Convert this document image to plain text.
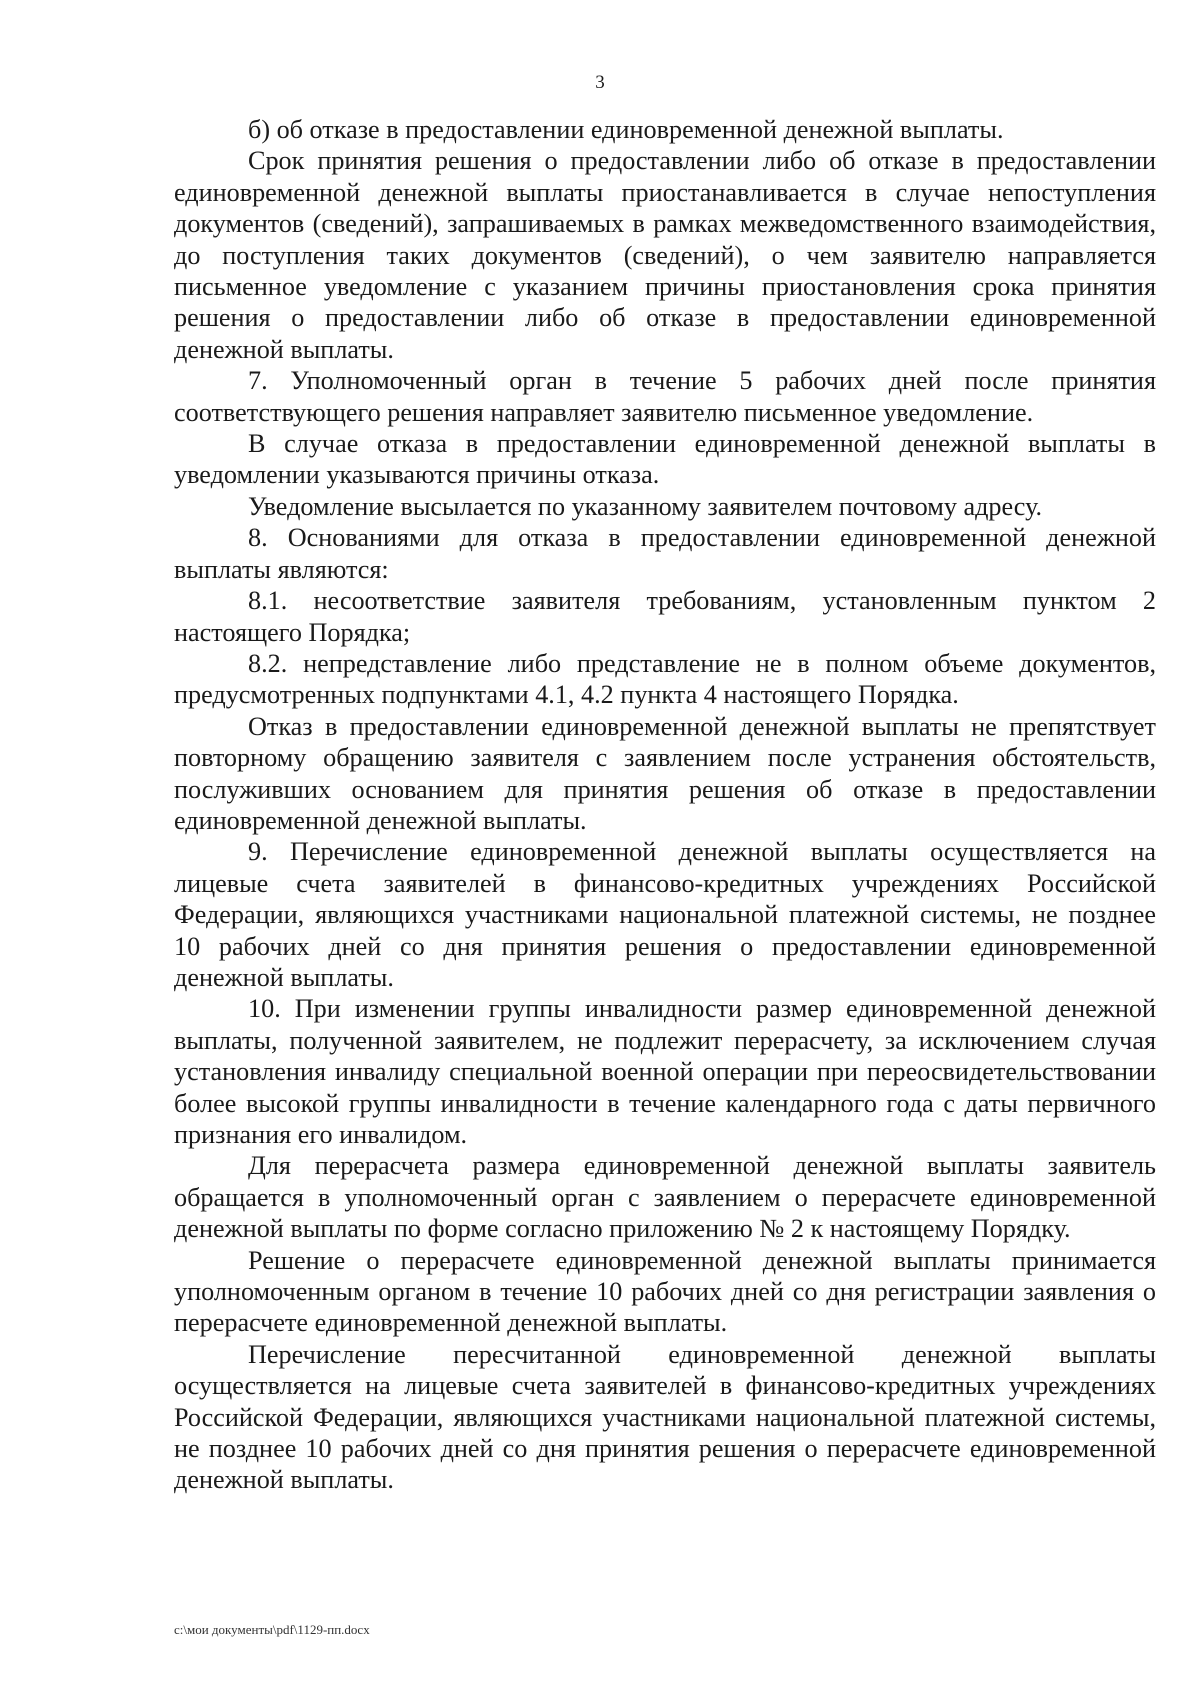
3

б) об отказе в предоставлении единовременной денежной выплаты.

Срок принятия решения о предоставлении либо об отказе в предоставлении единовременной денежной выплаты приостанавливается в случае непоступления документов (сведений), запрашиваемых в рамках межведомственного взаимодействия, до поступления таких документов (сведений), о чем заявителю направляется письменное уведомление с указанием причины приостановления срока принятия решения о предоставлении либо об отказе в предоставлении единовременной денежной выплаты.

7. Уполномоченный орган в течение 5 рабочих дней после принятия соответствующего решения направляет заявителю письменное уведомление.

В случае отказа в предоставлении единовременной денежной выплаты в уведомлении указываются причины отказа.

Уведомление высылается по указанному заявителем почтовому адресу.

8. Основаниями для отказа в предоставлении единовременной денежной выплаты являются:

8.1. несоответствие заявителя требованиям, установленным пунктом 2 настоящего Порядка;

8.2. непредставление либо представление не в полном объеме документов, предусмотренных подпунктами 4.1, 4.2 пункта 4 настоящего Порядка.

Отказ в предоставлении единовременной денежной выплаты не препятствует повторному обращению заявителя с заявлением после устранения обстоятельств, послуживших основанием для принятия решения об отказе в предоставлении единовременной денежной выплаты.

9. Перечисление единовременной денежной выплаты осуществляется на лицевые счета заявителей в финансово-кредитных учреждениях Российской Федерации, являющихся участниками национальной платежной системы, не позднее 10 рабочих дней со дня принятия решения о предоставлении единовременной денежной выплаты.

10. При изменении группы инвалидности размер единовременной денежной выплаты, полученной заявителем, не подлежит перерасчету, за исключением случая установления инвалиду специальной военной операции при переосвидетельствовании более высокой группы инвалидности в течение календарного года с даты первичного признания его инвалидом.

Для перерасчета размера единовременной денежной выплаты заявитель обращается в уполномоченный орган с заявлением о перерасчете единовременной денежной выплаты по форме согласно приложению № 2 к настоящему Порядку.

Решение о перерасчете единовременной денежной выплаты принимается уполномоченным органом в течение 10 рабочих дней со дня регистрации заявления о перерасчете единовременной денежной выплаты.

Перечисление пересчитанной единовременной денежной выплаты осуществляется на лицевые счета заявителей в финансово-кредитных учреждениях Российской Федерации, являющихся участниками национальной платежной системы, не позднее 10 рабочих дней со дня принятия решения о перерасчете единовременной денежной выплаты.

c:\мои документы\pdf\1129-пп.docx
